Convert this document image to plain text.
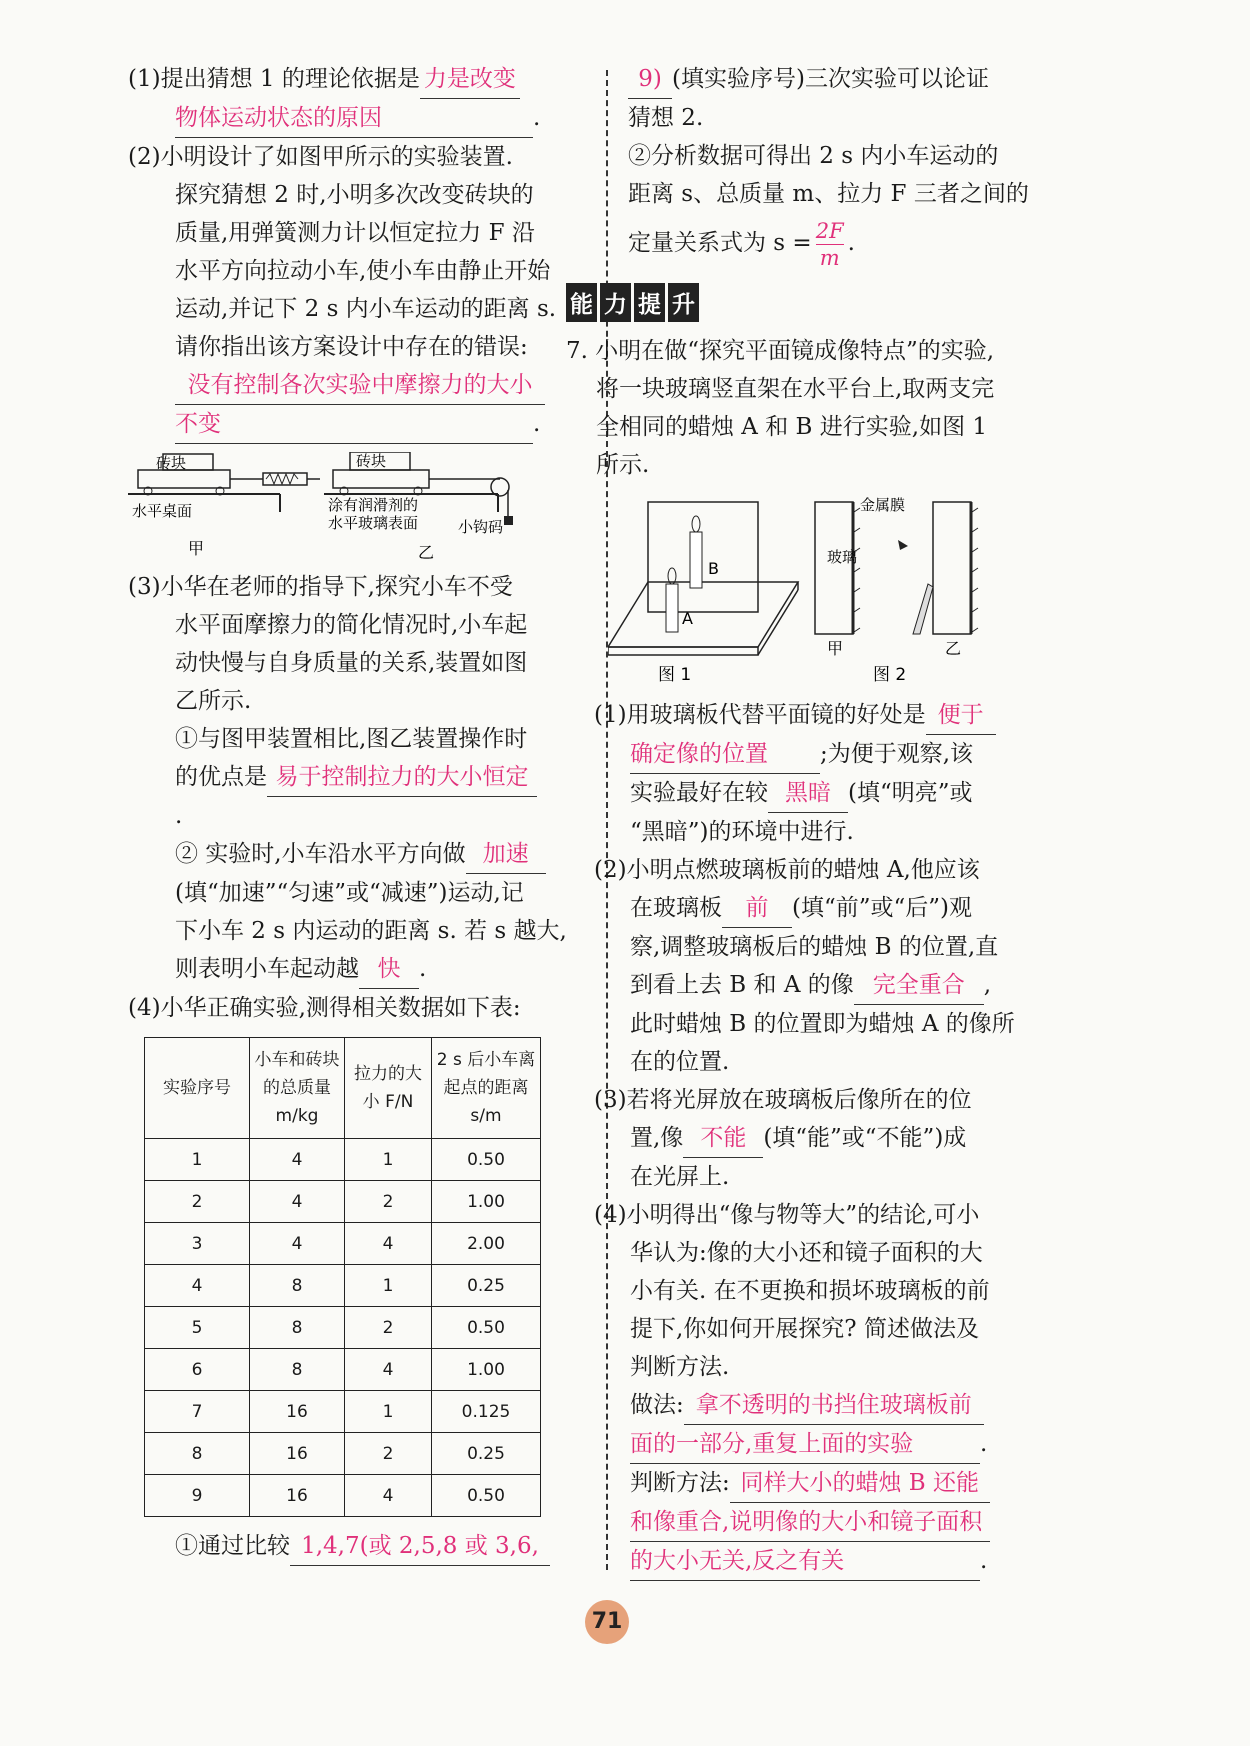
(1)提出猜想 1 的理论依据是 力是改变

物体运动状态的原因	.

(2)小明设计了如图甲所示的实验装置.

探究猜想 2 时,小明多次改变砖块的

质量,用弹簧测力计以恒定拉力 F 沿

水平方向拉动小车,使小车由静止开始

运动,并记下 2 s 内小车运动的距离 s.

请你指出该方案设计中存在的错误:

没有控制各次实验中摩擦力的大小

不变	.

砖块	砖块
水平桌面	涂有润滑剂的
水平玻璃表面	小钩码
甲	乙

(3)小华在老师的指导下,探究小车不受

水平面摩擦力的简化情况时,小车起

动快慢与自身质量的关系,装置如图

乙所示.

①与图甲装置相比,图乙装置操作时

的优点是 易于控制拉力的大小恒定

.

② 实验时,小车沿水平方向做 加速

(填“加速”“匀速”或“减速”)运动,记

下小车 2 s 内运动的距离 s. 若 s 越大,

则表明小车起动越 快 .

(4)小华正确实验,测得相关数据如下表:

实验序号	小车和砖块的总质量 m/kg	拉力的大小 F/N	2 s 后小车离起点的距离 s/m
1	4	1	0.50
2	4	2	1.00
3	4	4	2.00
4	8	1	0.25
5	8	2	0.50
6	8	4	1.00
7	16	1	0.125
8	16	2	0.25
9	16	4	0.50

①通过比较 1,4,7(或 2,5,8 或 3,6,

9) (填实验序号)三次实验可以论证

猜想 2.

②分析数据可得出 2 s 内小车运动的

距离 s、总质量 m、拉力 F 三者之间的

定量关系式为 $s = \frac{2F}{m}$ .

能 力 提 升

7. 小明在做“探究平面镜成像特点”的实验,

将一块玻璃竖直架在水平台上,取两支完

全相同的蜡烛 A 和 B 进行实验,如图 1

所示.

B
A
图 1
玻璃
金属膜
甲	乙
图 2

(1)用玻璃板代替平面镜的好处是 便于

确定像的位置 ;为便于观察,该

实验最好在较 黑暗 (填“明亮”或

“黑暗”)的环境中进行.

(2)小明点燃玻璃板前的蜡烛 A,他应该

在玻璃板 前 (填“前”或“后”)观

察,调整玻璃板后的蜡烛 B 的位置,直

到看上去 B 和 A 的像 完全重合 ,

此时蜡烛 B 的位置即为蜡烛 A 的像所

在的位置.

(3)若将光屏放在玻璃板后像所在的位

置,像 不能 (填“能”或“不能”)成

在光屏上.

(4)小明得出“像与物等大”的结论,可小

华认为:像的大小还和镜子面积的大

小有关. 在不更换和损坏玻璃板的前

提下,你如何开展探究? 简述做法及

判断方法.

做法: 拿不透明的书挡住玻璃板前

面的一部分,重复上面的实验	.

判断方法: 同样大小的蜡烛 B 还能

和像重合,说明像的大小和镜子面积

的大小无关,反之有关	.

71
